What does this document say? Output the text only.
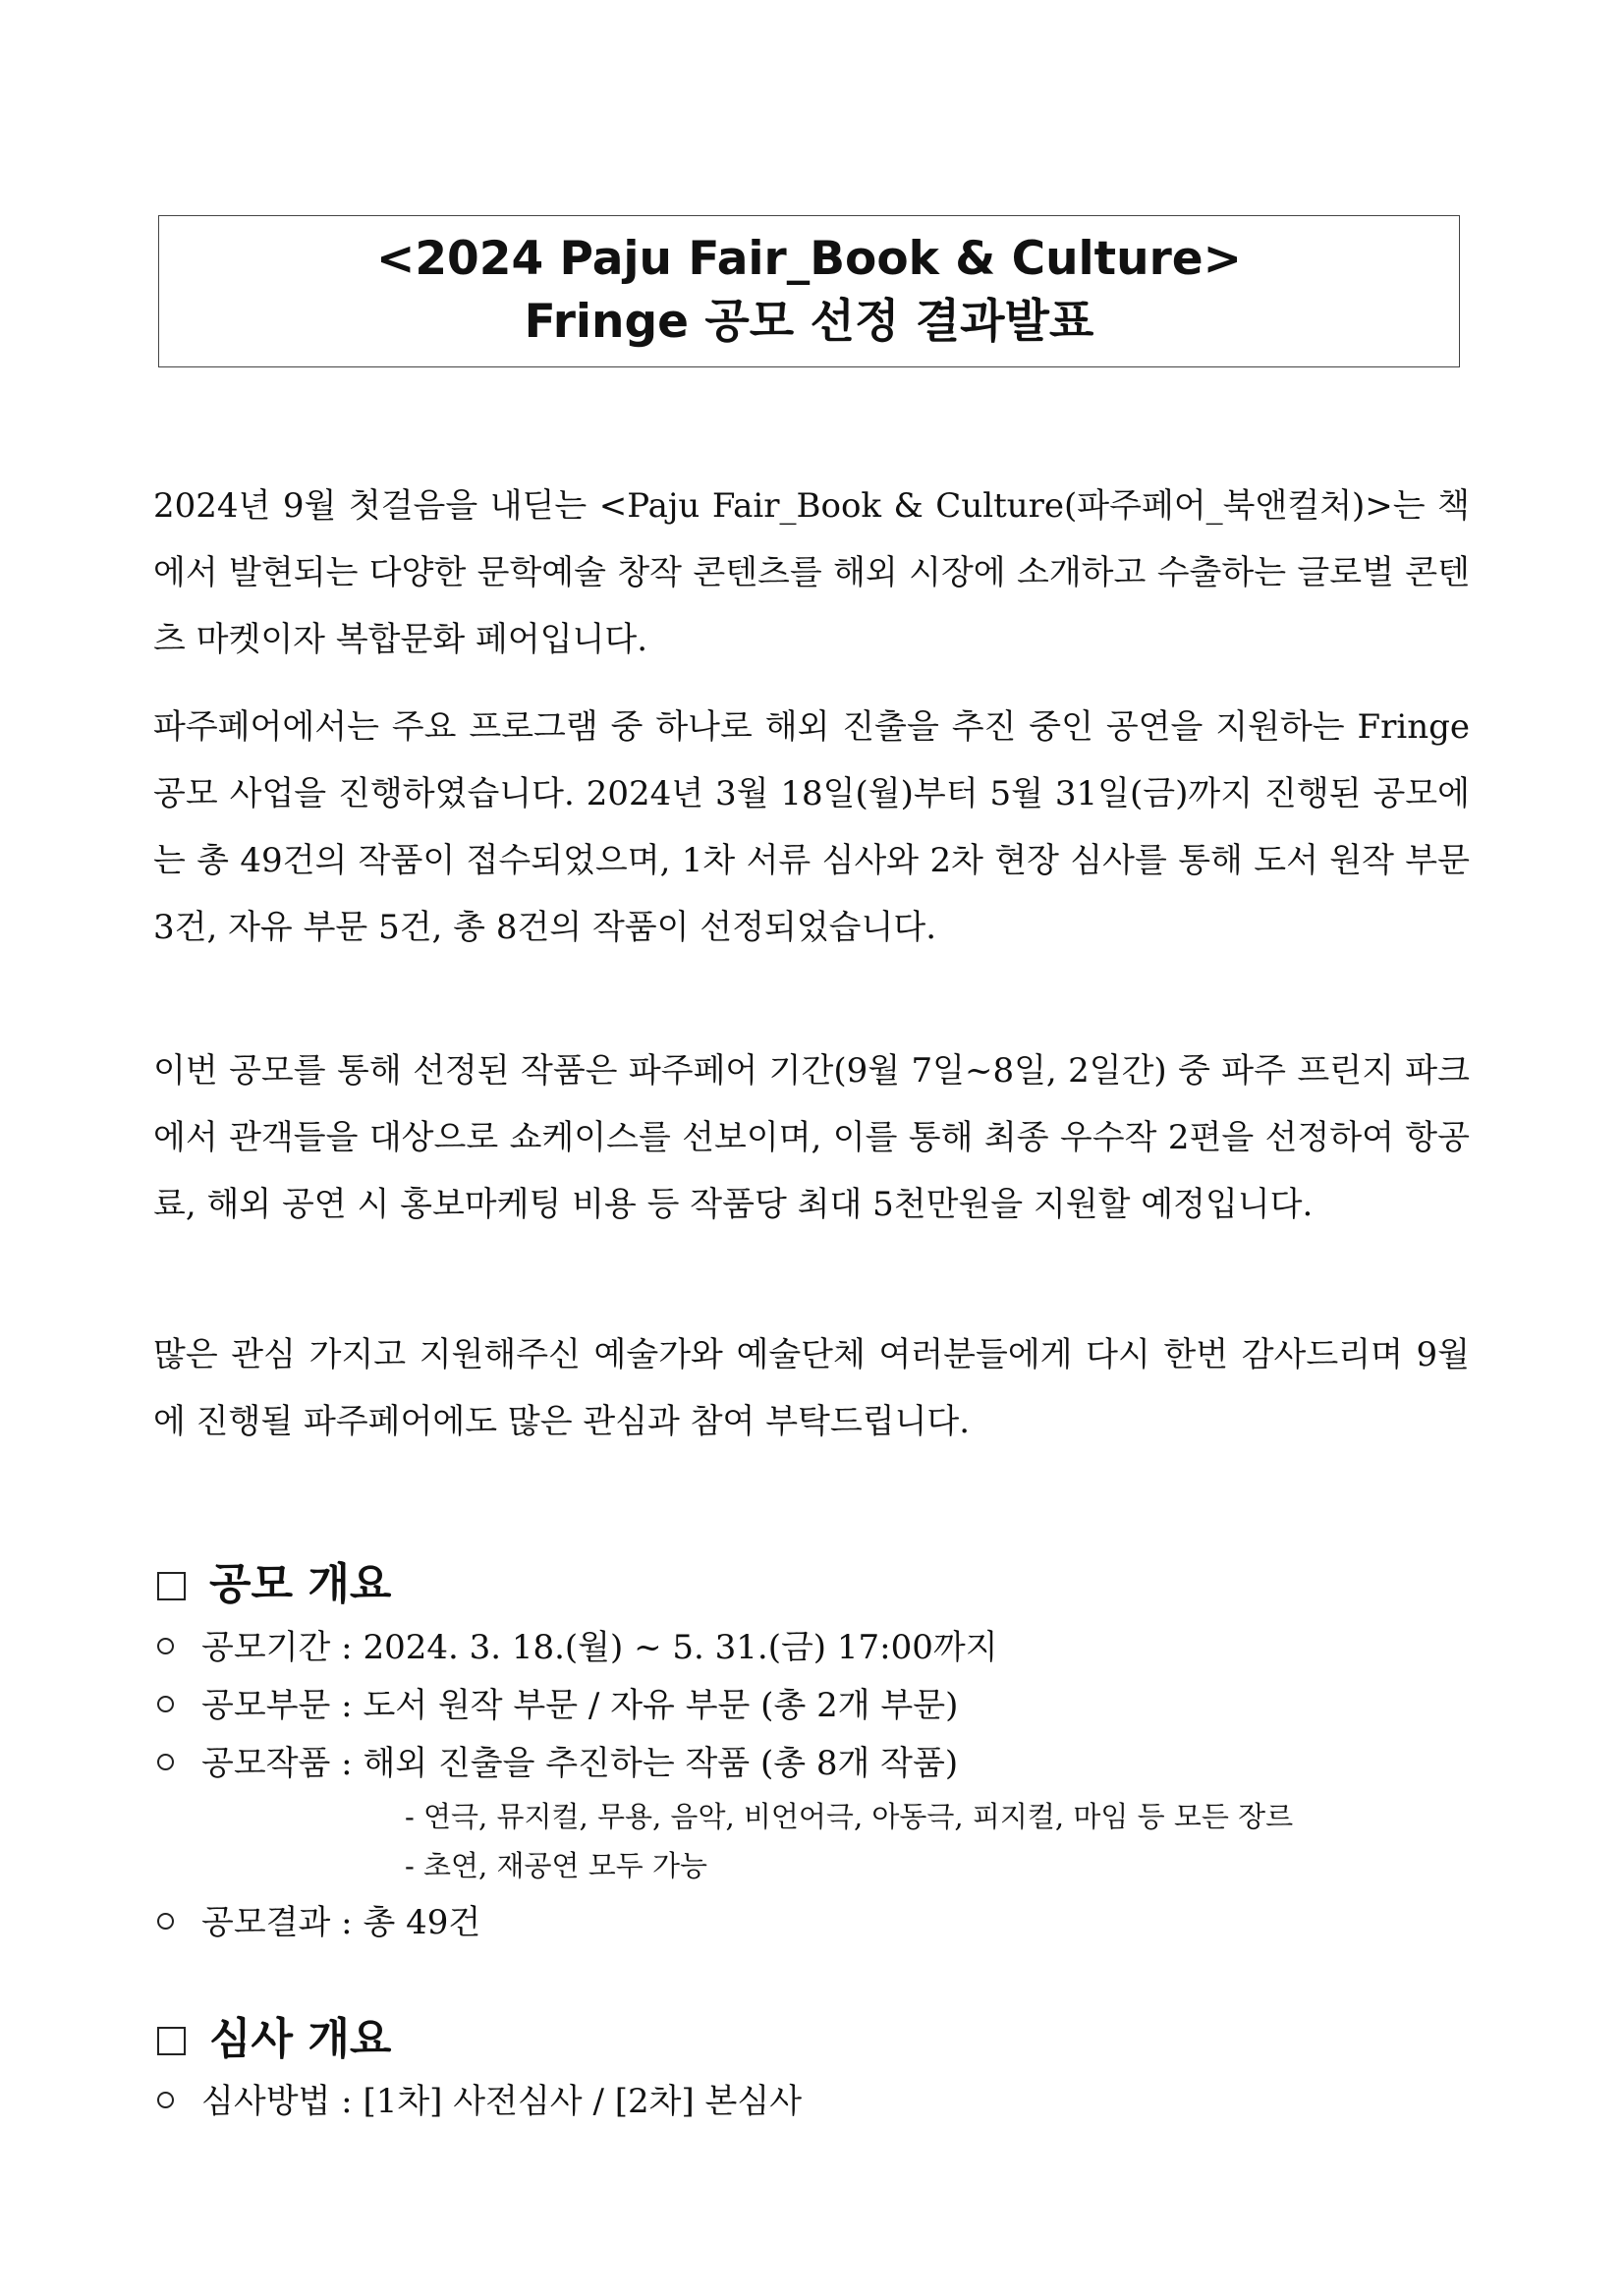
<2024 Paju Fair_Book & Culture>
Fringe 공모 선정 결과발표

2024년 9월 첫걸음을 내딛는 <Paju Fair_Book & Culture(파주페어_북앤컬처)>는 책에서 발현되는 다양한 문학예술 창작 콘텐츠를 해외 시장에 소개하고 수출하는 글로벌 콘텐츠 마켓이자 복합문화 페어입니다.

파주페어에서는 주요 프로그램 중 하나로 해외 진출을 추진 중인 공연을 지원하는 Fringe 공모 사업을 진행하였습니다. 2024년 3월 18일(월)부터 5월 31일(금)까지 진행된 공모에는 총 49건의 작품이 접수되었으며, 1차 서류 심사와 2차 현장 심사를 통해 도서 원작 부문 3건, 자유 부문 5건, 총 8건의 작품이 선정되었습니다.

이번 공모를 통해 선정된 작품은 파주페어 기간(9월 7일~8일, 2일간) 중 파주 프린지 파크에서 관객들을 대상으로 쇼케이스를 선보이며, 이를 통해 최종 우수작 2편을 선정하여 항공료, 해외 공연 시 홍보마케팅 비용 등 작품당 최대 5천만원을 지원할 예정입니다.

많은 관심 가지고 지원해주신 예술가와 예술단체 여러분들에게 다시 한번 감사드리며 9월에 진행될 파주페어에도 많은 관심과 참여 부탁드립니다.

공모 개요
공모기간 : 2024. 3. 18.(월) ~ 5. 31.(금) 17:00까지
공모부문 : 도서 원작 부문 / 자유 부문 (총 2개 부문)
공모작품 : 해외 진출을 추진하는 작품 (총 8개 작품)
- 연극, 뮤지컬, 무용, 음악, 비언어극, 아동극, 피지컬, 마임 등 모든 장르
- 초연, 재공연 모두 가능
공모결과 : 총 49건
심사 개요
심사방법 : [1차] 사전심사 / [2차] 본심사
